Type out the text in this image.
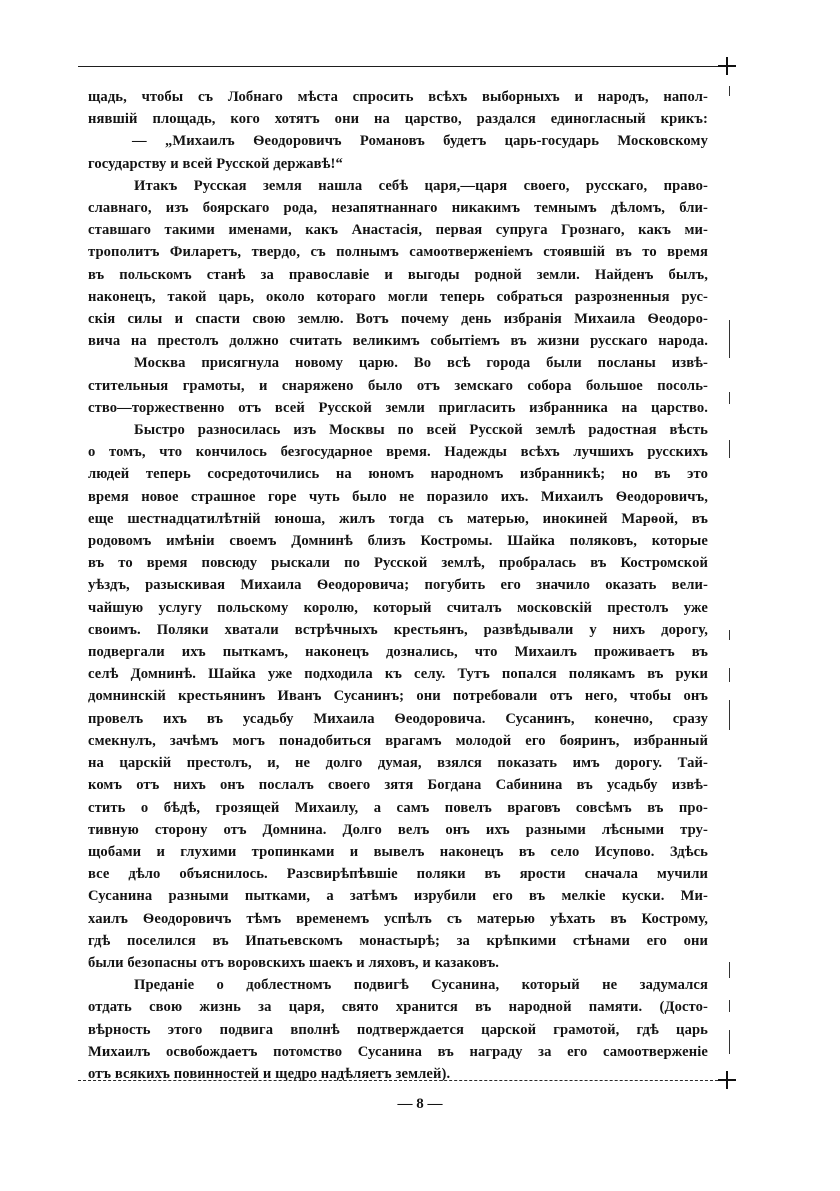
щадь, чтобы съ Лобнаго мѣста спросить всѣхъ выборныхъ и народъ, напол-
нявшій площадь, кого хотятъ они на царство, раздался единогласный крикъ:
— „Михаилъ Ѳеодоровичъ Романовъ будетъ царь-государь Московскому
государству и всей Русской державѣ!“
Итакъ Русская земля нашла себѣ царя,—царя своего, русскаго, право-
славнаго, изъ боярскаго рода, незапятнаннаго никакимъ темнымъ дѣломъ, бли-
ставшаго такими именами, какъ Анастасія, первая супруга Грознаго, какъ ми-
трополитъ Филаретъ, твердо, съ полнымъ самоотверженіемъ стоявшій въ то время
въ польскомъ станѣ за православіе и выгоды родной земли. Найденъ былъ,
наконецъ, такой царь, около котораго могли теперь собраться разрозненныя рус-
скія силы и спасти свою землю. Вотъ почему день избранія Михаила Ѳеодоро-
вича на престолъ должно считать великимъ событіемъ въ жизни русскаго народа.
Москва присягнула новому царю. Во всѣ города были посланы извѣ-
стительныя грамоты, и снаряжено было отъ земскаго собора большое посоль-
ство—торжественно отъ всей Русской земли пригласить избранника на царство.
Быстро разносилась изъ Москвы по всей Русской землѣ радостная вѣсть
о томъ, что кончилось безгосударное время. Надежды всѣхъ лучшихъ русскихъ
людей теперь сосредоточились на юномъ народномъ избранникѣ; но въ это
время новое страшное горе чуть было не поразило ихъ. Михаилъ Ѳеодоровичъ,
еще шестнадцатилѣтній юноша, жилъ тогда съ матерью, инокиней Марѳой, въ
родовомъ имѣніи своемъ Домнинѣ близъ Костромы. Шайка поляковъ, которые
въ то время повсюду рыскали по Русской землѣ, пробралась въ Костромской
уѣздъ, разыскивая Михаила Ѳеодоровича; погубить его значило оказать вели-
чайшую услугу польскому королю, который считалъ московскій престолъ уже
своимъ. Поляки хватали встрѣчныхъ крестьянъ, развѣдывали у нихъ дорогу,
подвергали ихъ пыткамъ, наконецъ дознались, что Михаилъ проживаетъ въ
селѣ Домнинѣ. Шайка уже подходила къ селу. Тутъ попался полякамъ въ руки
домнинскій крестьянинъ Иванъ Сусанинъ; они потребовали отъ него, чтобы онъ
провелъ ихъ въ усадьбу Михаила Ѳеодоровича. Сусанинъ, конечно, сразу
смекнулъ, зачѣмъ могъ понадобиться врагамъ молодой его бояринъ, избранный
на царскій престолъ, и, не долго думая, взялся показать имъ дорогу. Тай-
комъ отъ нихъ онъ послалъ своего зятя Богдана Сабинина въ усадьбу извѣ-
стить о бѣдѣ, грозящей Михаилу, а самъ повелъ враговъ совсѣмъ въ про-
тивную сторону отъ Домнина. Долго велъ онъ ихъ разными лѣсными тру-
щобами и глухими тропинками и вывелъ наконецъ въ село Исупово. Здѣсь
все дѣло объяснилось. Разсвирѣпѣвшіе поляки въ ярости сначала мучили
Сусанина разными пытками, а затѣмъ изрубили его въ мелкіе куски. Ми-
хаилъ Ѳеодоровичъ тѣмъ временемъ успѣлъ съ матерью уѣхать въ Кострому,
гдѣ поселился въ Ипатьевскомъ монастырѣ; за крѣпкими стѣнами его они
были безопасны отъ воровскихъ шаекъ и ляховъ, и казаковъ.
Преданіе о доблестномъ подвигѣ Сусанина, который не задумался
отдать свою жизнь за царя, свято хранится въ народной памяти. (Досто-
вѣрность этого подвига вполнѣ подтверждается царской грамотой, гдѣ царь
Михаилъ освобождаетъ потомство Сусанина въ награду за его самоотверженіе
отъ всякихъ повинностей и щедро надѣляетъ землей).
— 8 —
